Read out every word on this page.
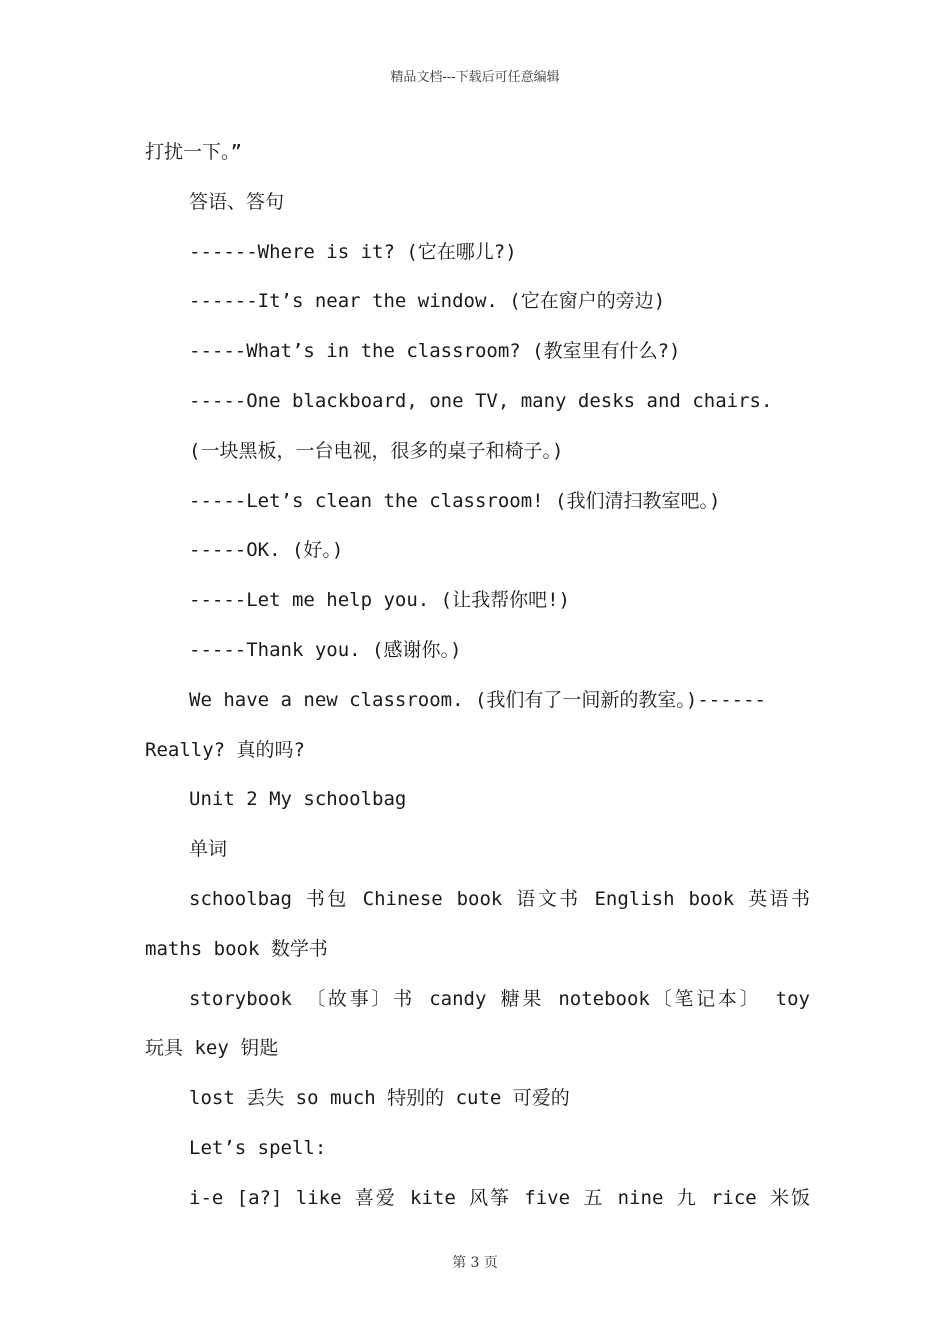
精品文档---下载后可任意编辑
打扰一下。”
答语、答句
------Where is it? (它在哪儿?)
------It’s near the window. (它在窗户的旁边)
-----What’s in the classroom? (教室里有什么?)
-----One blackboard, one TV, many desks and chairs.
(一块黑板，一台电视，很多的桌子和椅子。)
-----Let’s clean the classroom! (我们清扫教室吧。)
-----OK. (好。)
-----Let me help you. (让我帮你吧!)
-----Thank you. (感谢你。)
We have a new classroom. (我们有了一间新的教室。)------
Really? 真的吗?
Unit 2 My schoolbag
单词
schoolbag 书包 Chinese book 语文书 English book 英语书
maths book 数学书
storybook 〔故事〕书 candy 糖果 notebook〔笔记本〕 toy
玩具 key 钥匙
lost 丢失 so much 特别的 cute 可爱的
Let’s spell:
i-e [a?] like 喜爱 kite 风筝 five 五 nine 九 rice 米饭
第 3 页
